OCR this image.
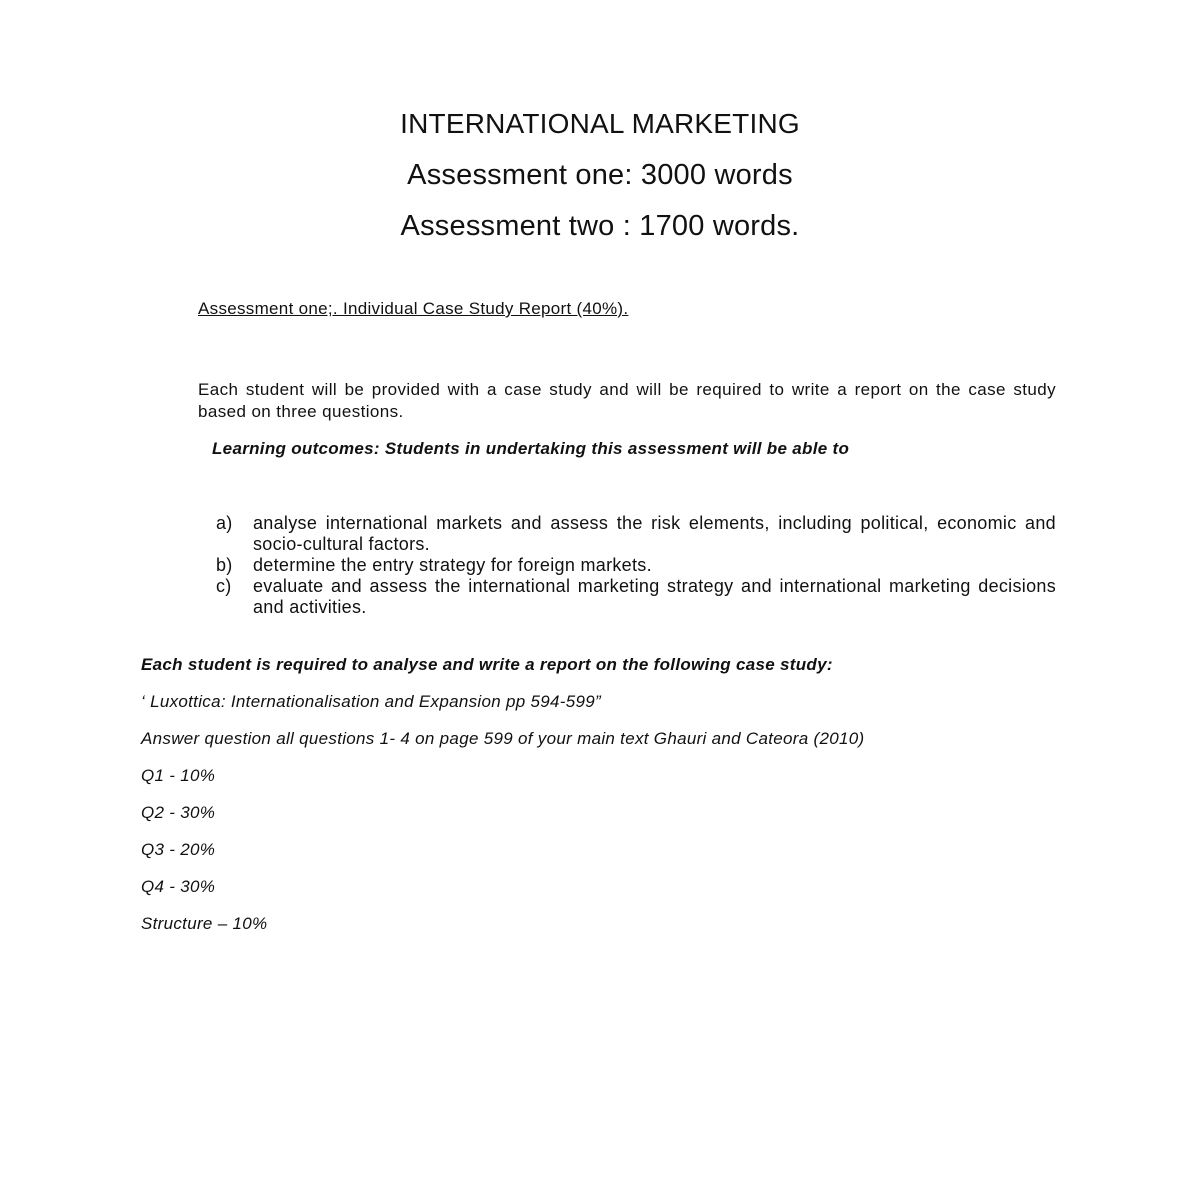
INTERNATIONAL MARKETING
Assessment one: 3000 words
Assessment two : 1700 words.
Assessment one;. Individual Case Study Report (40%).
Each student will be provided with a case study and will be required to write a report on the case study based on three questions.
Learning outcomes: Students in undertaking this assessment will be able to
a)	analyse international markets and assess the risk elements, including political, economic and socio-cultural factors.
b)	determine the entry strategy for foreign markets.
c)	evaluate and assess the international marketing strategy and international marketing decisions and activities.
Each student is required to analyse and write a report on the following case study:
‘ Luxottica: Internationalisation and Expansion pp 594-599”
Answer question all questions 1- 4 on page 599 of your main text Ghauri and Cateora (2010)
Q1 - 10%
Q2 - 30%
Q3 - 20%
Q4 - 30%
Structure – 10%
